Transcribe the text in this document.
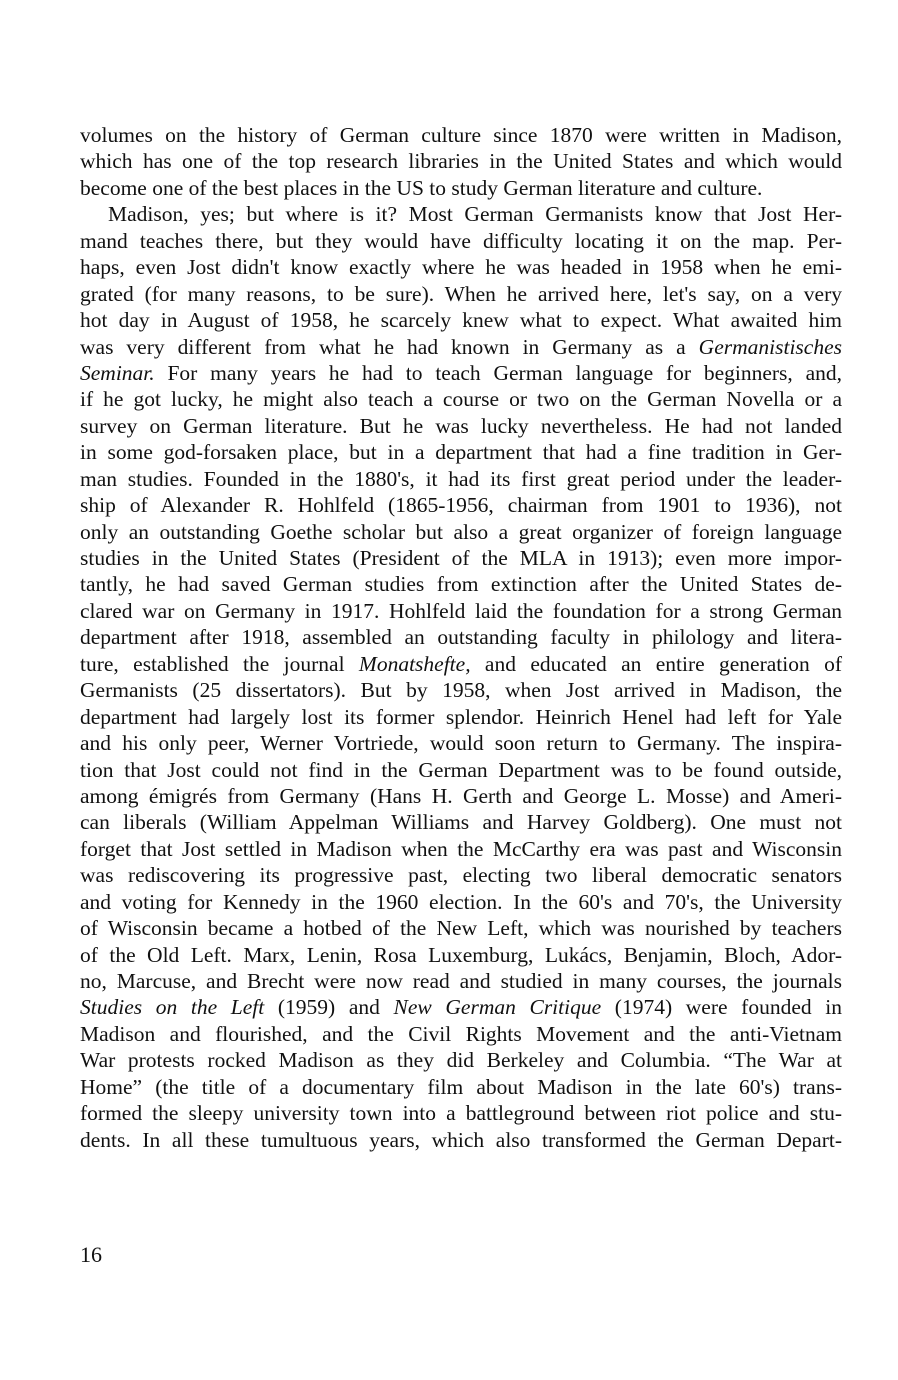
volumes on the history of German culture since 1870 were written in Madison,
which has one of the top research libraries in the United States and which would
become one of the best places in the US to study German literature and culture.
Madison, yes; but where is it? Most German Germanists know that Jost Her-
mand teaches there, but they would have difficulty locating it on the map. Per-
haps, even Jost didn't know exactly where he was headed in 1958 when he emi-
grated (for many reasons, to be sure). When he arrived here, let's say, on a very
hot day in August of 1958, he scarcely knew what to expect. What awaited him
was very different from what he had known in Germany as a Germanistisches
Seminar. For many years he had to teach German language for beginners, and,
if he got lucky, he might also teach a course or two on the German Novella or a
survey on German literature. But he was lucky nevertheless. He had not landed
in some god-forsaken place, but in a department that had a fine tradition in Ger-
man studies. Founded in the 1880's, it had its first great period under the leader-
ship of Alexander R. Hohlfeld (1865-1956, chairman from 1901 to 1936), not
only an outstanding Goethe scholar but also a great organizer of foreign language
studies in the United States (President of the MLA in 1913); even more impor-
tantly, he had saved German studies from extinction after the United States de-
clared war on Germany in 1917. Hohlfeld laid the foundation for a strong German
department after 1918, assembled an outstanding faculty in philology and litera-
ture, established the journal Monatshefte, and educated an entire generation of
Germanists (25 dissertators). But by 1958, when Jost arrived in Madison, the
department had largely lost its former splendor. Heinrich Henel had left for Yale
and his only peer, Werner Vortriede, would soon return to Germany. The inspira-
tion that Jost could not find in the German Department was to be found outside,
among émigrés from Germany (Hans H. Gerth and George L. Mosse) and Ameri-
can liberals (William Appelman Williams and Harvey Goldberg). One must not
forget that Jost settled in Madison when the McCarthy era was past and Wisconsin
was rediscovering its progressive past, electing two liberal democratic senators
and voting for Kennedy in the 1960 election. In the 60's and 70's, the University
of Wisconsin became a hotbed of the New Left, which was nourished by teachers
of the Old Left. Marx, Lenin, Rosa Luxemburg, Lukács, Benjamin, Bloch, Ador-
no, Marcuse, and Brecht were now read and studied in many courses, the journals
Studies on the Left (1959) and New German Critique (1974) were founded in
Madison and flourished, and the Civil Rights Movement and the anti-Vietnam
War protests rocked Madison as they did Berkeley and Columbia. “The War at
Home” (the title of a documentary film about Madison in the late 60's) trans-
formed the sleepy university town into a battleground between riot police and stu-
dents. In all these tumultuous years, which also transformed the German Depart-
16
